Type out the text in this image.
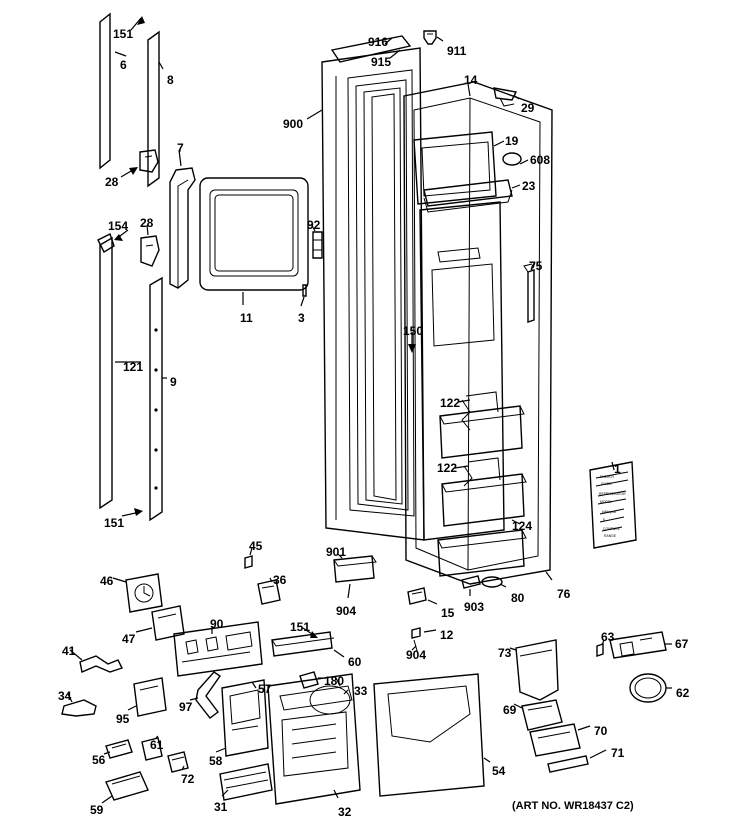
ENERGY
GUIDE
REFRIGERATOR
MODEL
kWh/year
$
COMPARE
RANGE
151
6
8
916
911
915
14
29
900
19
608
28
7
23
154 28	92
11	3
75
121
9
150
122
122	1
151	124
901
45
46	36
904	903
80	76
15
47
90	151
12
904
63	67
73
41
60
62
34
97
57
180
33
95
69
70
56
61
58
71
72
54
31	32
59	(ART NO. WR18437 C2)
